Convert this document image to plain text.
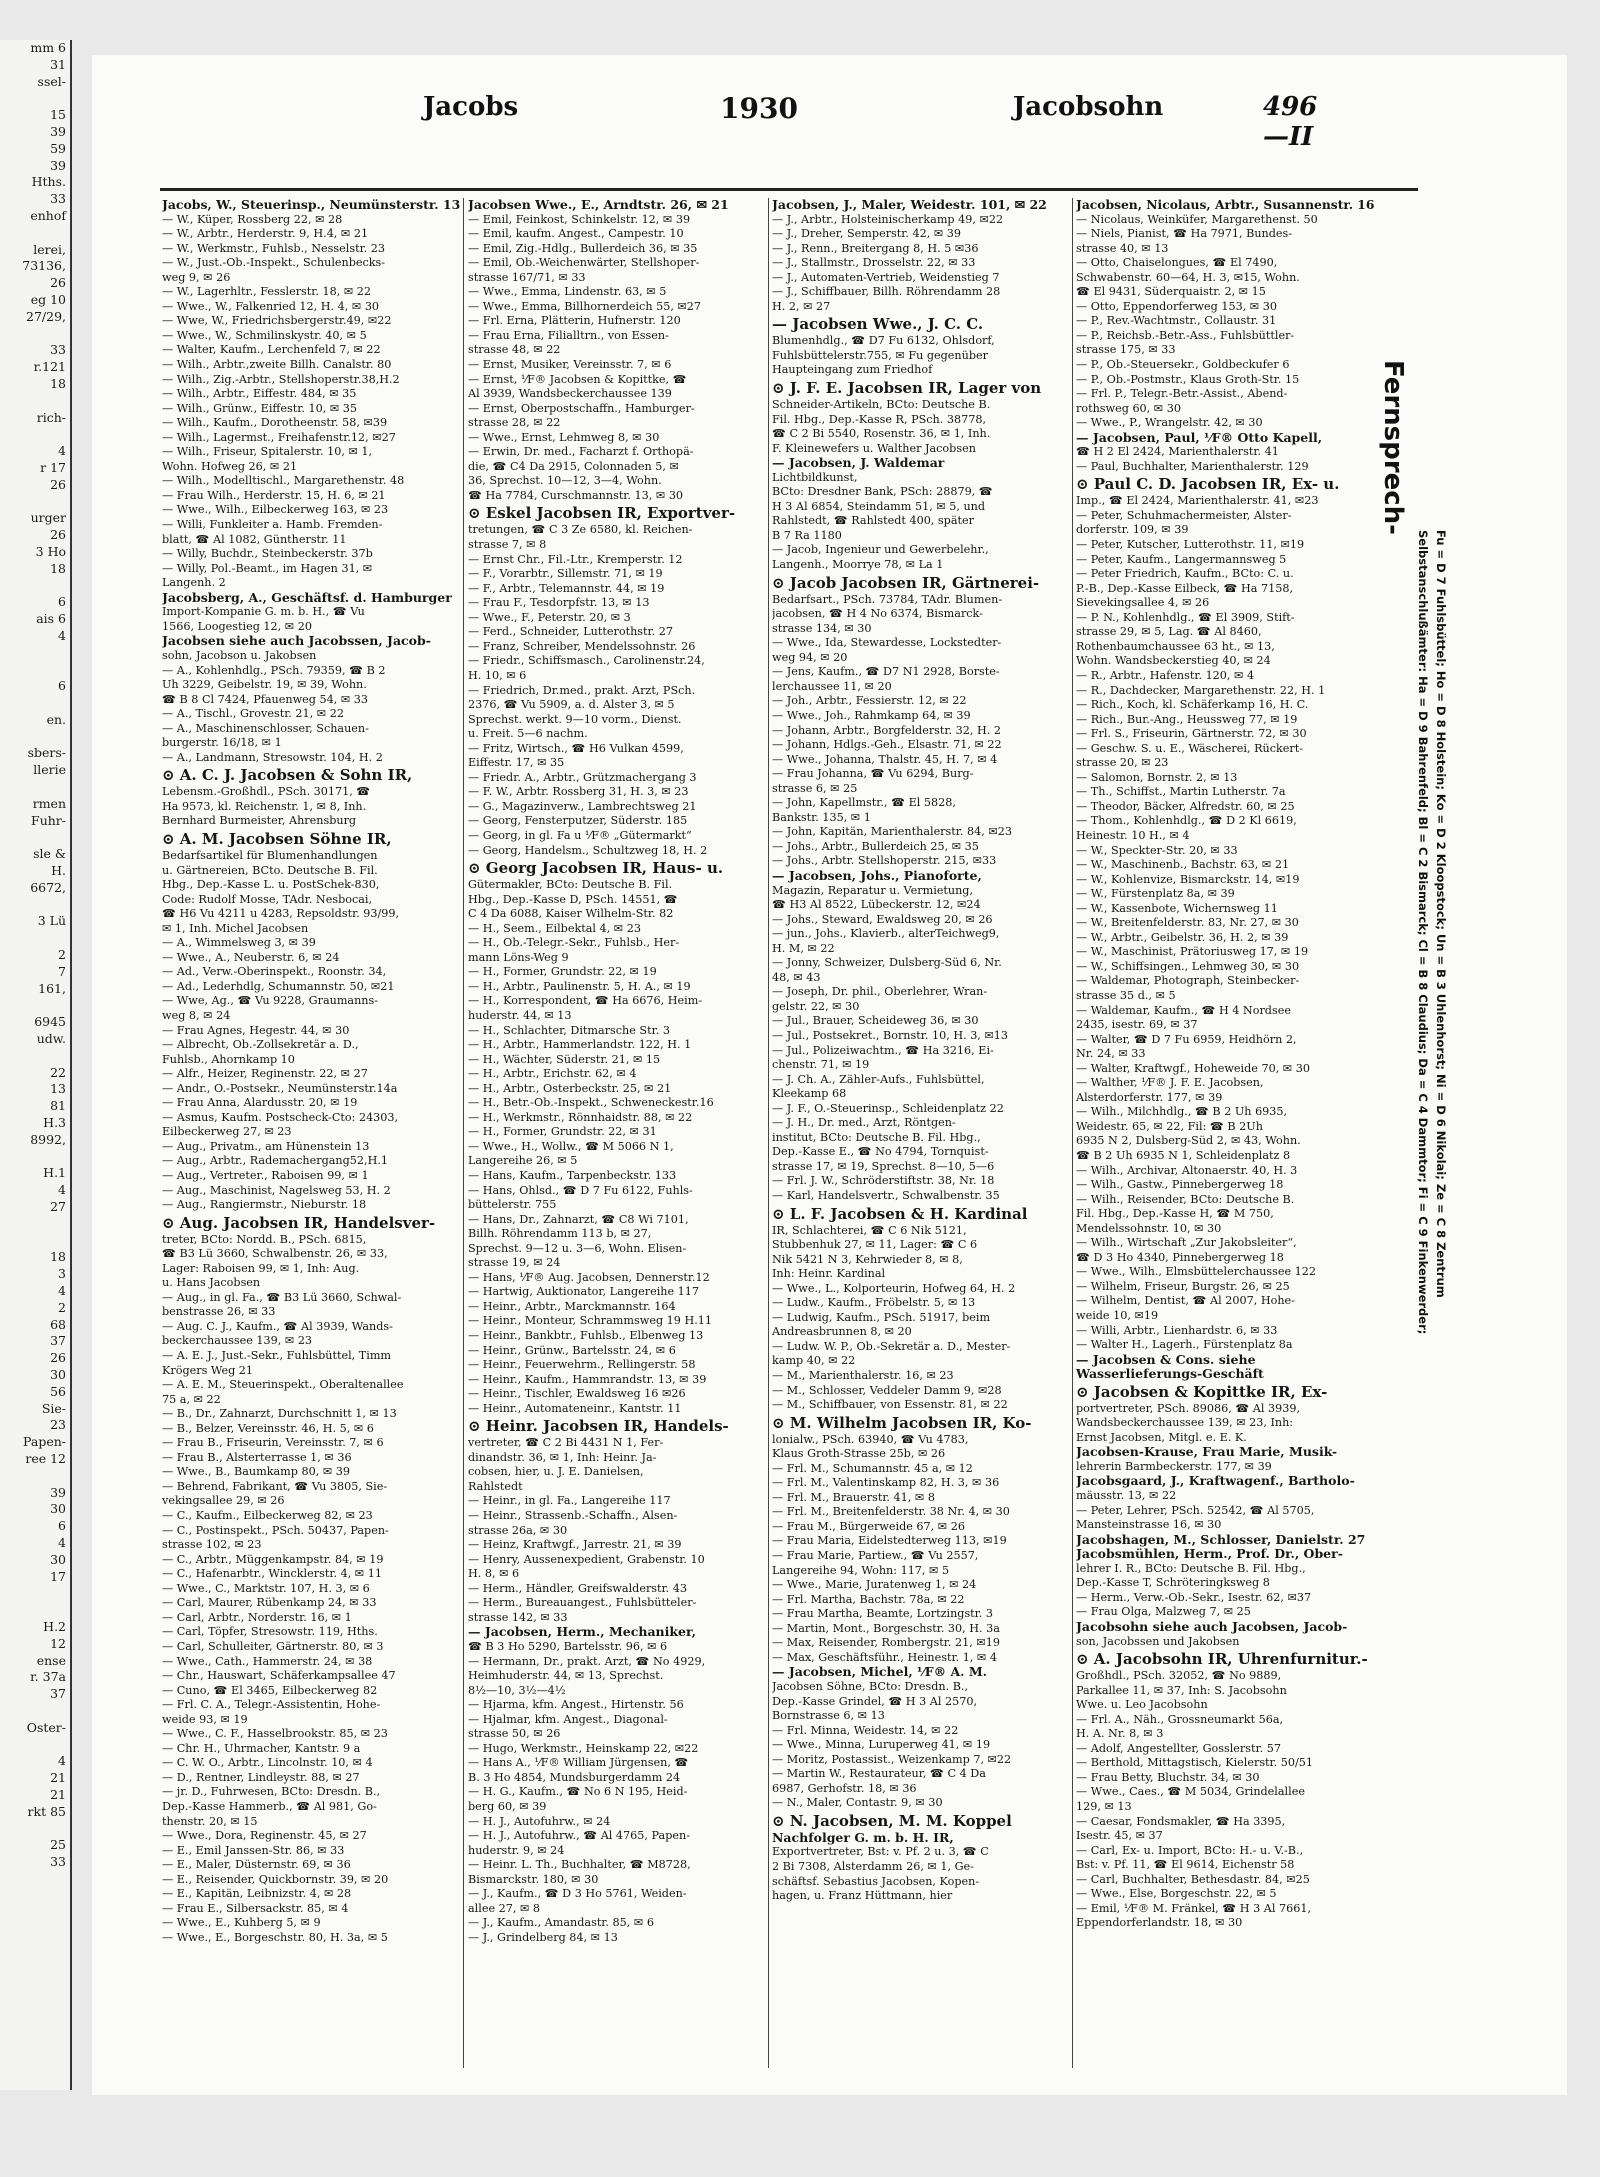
mm 6
31
ssel-

15
39
59
39
Hths.
33
enhof

lerei,
73136,
26
eg 10
27/29,

33
r.121
18

rich-

4
r 17
26

urger
26
3 Ho
18

6
ais 6
4

6

en.

sbers-
llerie

rmen
Fuhr-

sle &
H.
6672,

3 Lü

2
7
161,

6945
udw.

22
13
81
H.3
8992,

H.1
4
27

18
3
4
2
68
37
26
30
56
Sie-
23
Papen-
ree 12

39
30
6
4
30
17

H.2
12
ense
r. 37a
37

Oster-

4
21
21
rkt 85

25
33
Jacobs	1930	Jacobsohn	496—II
Jacobs, W., Steuerinsp., Neumünsterstr. 13
— W., Küper, Rossberg 22, ✉ 28
— W., Arbtr., Herderstr. 9, H.4, ✉ 21
— W., Werkmstr., Fuhlsb., Nesselstr. 23
— W., Just.-Ob.-Inspekt., Schulenbecks-
weg 9, ✉ 26
— W., Lagerhltr., Fesslerstr. 18, ✉ 22
— Wwe., W., Falkenried 12, H. 4, ✉ 30
— Wwe, W., Friedrichsbergerstr.49, ✉22
— Wwe., W., Schmilinskystr. 40, ✉ 5
— Walter, Kaufm., Lerchenfeld 7, ✉ 22
— Wilh., Arbtr.,zweite Billh. Canalstr. 80
— Wilh., Zig.-Arbtr., Stellshoperstr.38,H.2
— Wilh., Arbtr., Eiffestr. 484, ✉ 35
— Wilh., Grünw., Eiffestr. 10, ✉ 35
— Wilh., Kaufm., Dorotheenstr. 58, ✉39
— Wilh., Lagermst., Freihafenstr.12, ✉27
— Wilh., Friseur, Spitalerstr. 10, ✉ 1,
Wohn. Hofweg 26, ✉ 21
— Wilh., Modelltischl., Margarethenstr. 48
— Frau Wilh., Herderstr. 15, H. 6, ✉ 21
— Wwe., Wilh., Eilbeckerweg 163, ✉ 23
— Willi, Funkleiter a. Hamb. Fremden-
blatt, ☎ Al 1082, Güntherstr. 11
— Willy, Buchdr., Steinbeckerstr. 37b
— Willy, Pol.-Beamt., im Hagen 31, ✉
Langenh. 2
Jacobsberg, A., Geschäftsf. d. Hamburger
Import-Kompanie G. m. b. H., ☎ Vu
1566, Loogestieg 12, ✉ 20
Jacobsen siehe auch Jacobssen, Jacob-
sohn, Jacobson u. Jakobsen
— A., Kohlenhdlg., PSch. 79359, ☎ B 2
Uh 3229, Geibelstr. 19, ✉ 39, Wohn.
☎ B 8 Cl 7424, Pfauenweg 54, ✉ 33
— A., Tischl., Grovestr. 21, ✉ 22
— A., Maschinenschlosser, Schauen-
burgerstr. 16/18, ✉ 1
— A., Landmann, Stresowstr. 104, H. 2
⊙ A. C. J. Jacobsen & Sohn IR,
Lebensm.-Großhdl., PSch. 30171, ☎
Ha 9573, kl. Reichenstr. 1, ✉ 8, Inh.
Bernhard Burmeister, Ahrensburg
⊙ A. M. Jacobsen Söhne IR,
Bedarfsartikel für Blumenhandlungen
u. Gärtnereien, BCto. Deutsche B. Fil.
Hbg., Dep.-Kasse L. u. PostSchek-830,
Code: Rudolf Mosse, TAdr. Nesbocai,
☎ H6 Vu 4211 u 4283, Repsoldstr. 93/99,
✉ 1, Inh. Michel Jacobsen
— A., Wimmelsweg 3, ✉ 39
— Wwe., A., Neuberstr. 6, ✉ 24
— Ad., Verw.-Oberinspekt., Roonstr. 34,
— Ad., Lederhdlg, Schumannstr. 50, ✉21
— Wwe, Ag., ☎ Vu 9228, Graumanns-
weg 8, ✉ 24
— Frau Agnes, Hegestr. 44, ✉ 30
— Albrecht, Ob.-Zollsekretär a. D.,
Fuhlsb., Ahornkamp 10
— Alfr., Heizer, Reginenstr. 22, ✉ 27
— Andr., O.-Postsekr., Neumünsterstr.14a
— Frau Anna, Alardusstr. 20, ✉ 19
— Asmus, Kaufm. Postscheck-Cto: 24303,
Eilbeckerweg 27, ✉ 23
— Aug., Privatm., am Hünenstein 13
— Aug., Arbtr., Rademachergang52,H.1
— Aug., Vertreter., Raboisen 99, ✉ 1
— Aug., Maschinist, Nagelsweg 53, H. 2
— Aug., Rangiermstr., Nieburstr. 18
⊙ Aug. Jacobsen IR, Handelsver-
treter, BCto: Nordd. B., PSch. 6815,
☎ B3 Lü 3660, Schwalbenstr. 26, ✉ 33,
Lager: Raboisen 99, ✉ 1, Inh: Aug.
u. Hans Jacobsen
— Aug., in gl. Fa., ☎ B3 Lü 3660, Schwal-
benstrasse 26, ✉ 33
— Aug. C. J., Kaufm., ☎ Al 3939, Wands-
beckerchaussee 139, ✉ 23
— A. E. J., Just.-Sekr., Fuhlsbüttel, Timm
Krögers Weg 21
— A. E. M., Steuerinspekt., Oberaltenallee
75 a, ✉ 22
— B., Dr., Zahnarzt, Durchschnitt 1, ✉ 13
— B., Belzer, Vereinsstr. 46, H. 5, ✉ 6
— Frau B., Friseurin, Vereinsstr. 7, ✉ 6
— Frau B., Alsterterrasse 1, ✉ 36
— Wwe., B., Baumkamp 80, ✉ 39
— Behrend, Fabrikant, ☎ Vu 3805, Sie-
vekingsallee 29, ✉ 26
— C., Kaufm., Eilbeckerweg 82, ✉ 23
— C., Postinspekt., PSch. 50437, Papen-
strasse 102, ✉ 23
— C., Arbtr., Müggenkampstr. 84, ✉ 19
— C., Hafenarbtr., Wincklerstr. 4, ✉ 11
— Wwe., C., Marktstr. 107, H. 3, ✉ 6
— Carl, Maurer, Rübenkamp 24, ✉ 33
— Carl, Arbtr., Norderstr. 16, ✉ 1
— Carl, Töpfer, Stresowstr. 119, Hths.
— Carl, Schulleiter, Gärtnerstr. 80, ✉ 3
— Wwe., Cath., Hammerstr. 24, ✉ 38
— Chr., Hauswart, Schäferkampsallee 47
— Cuno, ☎ El 3465, Eilbeckerweg 82
— Frl. C. A., Telegr.-Assistentin, Hohe-
weide 93, ✉ 19
— Wwe., C. F., Hasselbrookstr. 85, ✉ 23
— Chr. H., Uhrmacher, Kantstr. 9 a
— C. W. O., Arbtr., Lincolnstr. 10, ✉ 4
— D., Rentner, Lindleystr. 88, ✉ 27
— jr. D., Fuhrwesen, BCto: Dresdn. B.,
Dep.-Kasse Hammerb., ☎ Al 981, Go-
thenstr. 20, ✉ 15
— Wwe., Dora, Reginenstr. 45, ✉ 27
— E., Emil Janssen-Str. 86, ✉ 33
— E., Maler, Düsternstr. 69, ✉ 36
— E., Reisender, Quickbornstr. 39, ✉ 20
— E., Kapitän, Leibnizstr. 4, ✉ 28
— Frau E., Silbersackstr. 85, ✉ 4
— Wwe., E., Kuhberg 5, ✉ 9
— Wwe., E., Borgeschstr. 80, H. 3a, ✉ 5
Jacobsen Wwe., E., Arndtstr. 26, ✉ 21
— Emil, Feinkost, Schinkelstr. 12, ✉ 39
— Emil, kaufm. Angest., Campestr. 10
— Emil, Zig.-Hdlg., Bullerdeich 36, ✉ 35
— Emil, Ob.-Weichenwärter, Stellshoper-
strasse 167/71, ✉ 33
— Wwe., Emma, Lindenstr. 63, ✉ 5
— Wwe., Emma, Billhornerdeich 55, ✉27
— Frl. Erna, Plätterin, Hufnerstr. 120
— Frau Erna, Filialltrn., von Essen-
strasse 48, ✉ 22
— Ernst, Musiker, Vereinsstr. 7, ✉ 6
— Ernst, ⅟F® Jacobsen & Kopittke, ☎
Al 3939, Wandsbeckerchaussee 139
— Ernst, Oberpostschaffn., Hamburger-
strasse 28, ✉ 22
— Wwe., Ernst, Lehmweg 8, ✉ 30
— Erwin, Dr. med., Facharzt f. Orthopä-
die, ☎ C4 Da 2915, Colonnaden 5, ✉
36, Sprechst. 10—12, 3—4, Wohn.
☎ Ha 7784, Curschmannstr. 13, ✉ 30
⊙ Eskel Jacobsen IR, Exportver-
tretungen, ☎ C 3 Ze 6580, kl. Reichen-
strasse 7, ✉ 8
— Ernst Chr., Fil.-Ltr., Kremperstr. 12
— F., Vorarbtr., Sillemstr. 71, ✉ 19
— F., Arbtr., Telemannstr. 44, ✉ 19
— Frau F., Tesdorpfstr. 13, ✉ 13
— Wwe., F., Peterstr. 20, ✉ 3
— Ferd., Schneider, Lutterothstr. 27
— Franz, Schreiber, Mendelssohnstr. 26
— Friedr., Schiffsmasch., Carolinenstr.24,
H. 10, ✉ 6
— Friedrich, Dr.med., prakt. Arzt, PSch.
2376, ☎ Vu 5909, a. d. Alster 3, ✉ 5
Sprechst. werkt. 9—10 vorm., Dienst.
u. Freit. 5—6 nachm.
— Fritz, Wirtsch., ☎ H6 Vulkan 4599,
Eiffestr. 17, ✉ 35
— Friedr. A., Arbtr., Grützmachergang 3
— F. W., Arbtr. Rossberg 31, H. 3, ✉ 23
— G., Magazinverw., Lambrechtsweg 21
— Georg, Fensterputzer, Süderstr. 185
— Georg, in gl. Fa u ⅟F® „Gütermarkt“
— Georg, Handelsm., Schultzweg 18, H. 2
⊙ Georg Jacobsen IR, Haus- u.
Gütermakler, BCto: Deutsche B. Fil.
Hbg., Dep.-Kasse D, PSch. 14551, ☎
C 4 Da 6088, Kaiser Wilhelm-Str. 82
— H., Seem., Eilbektal 4, ✉ 23
— H., Ob.-Telegr.-Sekr., Fuhlsb., Her-
mann Löns-Weg 9
— H., Former, Grundstr. 22, ✉ 19
— H., Arbtr., Paulinenstr. 5, H. A., ✉ 19
— H., Korrespondent, ☎ Ha 6676, Heim-
huderstr. 44, ✉ 13
— H., Schlachter, Ditmarsche Str. 3
— H., Arbtr., Hammerlandstr. 122, H. 1
— H., Wächter, Süderstr. 21, ✉ 15
— H., Arbtr., Erichstr. 62, ✉ 4
— H., Arbtr., Osterbeckstr. 25, ✉ 21
— H., Betr.-Ob.-Inspekt., Schweneckestr.16
— H., Werkmstr., Rönnhaidstr. 88, ✉ 22
— H., Former, Grundstr. 22, ✉ 31
— Wwe., H., Wollw., ☎ M 5066 N 1,
Langereihe 26, ✉ 5
— Hans, Kaufm., Tarpenbeckstr. 133
— Hans, Ohlsd., ☎ D 7 Fu 6122, Fuhls-
büttelerstr. 755
— Hans, Dr., Zahnarzt, ☎ C8 Wi 7101,
Billh. Röhrendamm 113 b, ✉ 27,
Sprechst. 9—12 u. 3—6, Wohn. Elisen-
strasse 19, ✉ 24
— Hans, ⅟F® Aug. Jacobsen, Dennerstr.12
— Hartwig, Auktionator, Langereihe 117
— Heinr., Arbtr., Marckmannstr. 164
— Heinr., Monteur, Schrammsweg 19 H.11
— Heinr., Bankbtr., Fuhlsb., Elbenweg 13
— Heinr., Grünw., Bartelsstr. 24, ✉ 6
— Heinr., Feuerwehrm., Rellingerstr. 58
— Heinr., Kaufm., Hammrandstr. 13, ✉ 39
— Heinr., Tischler, Ewaldsweg 16 ✉26
— Heinr., Automateneinr., Kantstr. 11
⊙ Heinr. Jacobsen IR, Handels-
vertreter, ☎ C 2 Bi 4431 N 1, Fer-
dinandstr. 36, ✉ 1, Inh: Heinr. Ja-
cobsen, hier, u. J. E. Danielsen,
Rahlstedt
— Heinr., in gl. Fa., Langereihe 117
— Heinr., Strassenb.-Schaffn., Alsen-
strasse 26a, ✉ 30
— Heinz, Kraftwgf., Jarrestr. 21, ✉ 39
— Henry, Aussenexpedient, Grabenstr. 10
H. 8, ✉ 6
— Herm., Händler, Greifswalderstr. 43
— Herm., Bureauangest., Fuhlsbütteler-
strasse 142, ✉ 33
— Jacobsen, Herm., Mechaniker,
☎ B 3 Ho 5290, Bartelsstr. 96, ✉ 6
— Hermann, Dr., prakt. Arzt, ☎ No 4929,
Heimhuderstr. 44, ✉ 13, Sprechst.
8½—10, 3½—4½
— Hjarma, kfm. Angest., Hirtenstr. 56
— Hjalmar, kfm. Angest., Diagonal-
strasse 50, ✉ 26
— Hugo, Werkmstr., Heinskamp 22, ✉22
— Hans A., ⅟F® William Jürgensen, ☎
B. 3 Ho 4854, Mundsburgerdamm 24
— H. G., Kaufm., ☎ No 6 N 195, Heid-
berg 60, ✉ 39
— H. J., Autofuhrw., ✉ 24
— H. J., Autofuhrw., ☎ Al 4765, Papen-
huderstr. 9, ✉ 24
— Heinr. L. Th., Buchhalter, ☎ M8728,
Bismarckstr. 180, ✉ 30
— J., Kaufm., ☎ D 3 Ho 5761, Weiden-
allee 27, ✉ 8
— J., Kaufm., Amandastr. 85, ✉ 6
— J., Grindelberg 84, ✉ 13
Jacobsen, J., Maler, Weidestr. 101, ✉ 22
— J., Arbtr., Holsteinischerkamp 49, ✉22
— J., Dreher, Semperstr. 42, ✉ 39
— J., Renn., Breitergang 8, H. 5 ✉36
— J., Stallmstr., Drosselstr. 22, ✉ 33
— J., Automaten-Vertrieb, Weidenstieg 7
— J., Schiffbauer, Billh. Röhrendamm 28
H. 2, ✉ 27
— Jacobsen Wwe., J. C. C.
Blumenhdlg., ☎ D7 Fu 6132, Ohlsdorf,
Fuhlsbüttelerstr.755, ✉ Fu gegenüber
Haupteingang zum Friedhof
⊙ J. F. E. Jacobsen IR, Lager von
Schneider-Artikeln, BCto: Deutsche B.
Fil. Hbg., Dep.-Kasse R, PSch. 38778,
☎ C 2 Bi 5540, Rosenstr. 36, ✉ 1, Inh.
F. Kleinewefers u. Walther Jacobsen
— Jacobsen, J. Waldemar
Lichtbildkunst,
BCto: Dresdner Bank, PSch: 28879, ☎
H 3 Al 6854, Steindamm 51, ✉ 5, und
Rahlstedt, ☎ Rahlstedt 400, später
B 7 Ra 1180
— Jacob, Ingenieur und Gewerbelehr.,
Langenh., Moorrye 78, ✉ La 1
⊙ Jacob Jacobsen IR, Gärtnerei-
Bedarfsart., PSch. 73784, TAdr. Blumen-
jacobsen, ☎ H 4 No 6374, Bismarck-
strasse 134, ✉ 30
— Wwe., Ida, Stewardesse, Lockstedter-
weg 94, ✉ 20
— Jens, Kaufm., ☎ D7 N1 2928, Borste-
lerchaussee 11, ✉ 20
— Joh., Arbtr., Fessierstr. 12, ✉ 22
— Wwe., Joh., Rahmkamp 64, ✉ 39
— Johann, Arbtr., Borgfelderstr. 32, H. 2
— Johann, Hdlgs.-Geh., Elsastr. 71, ✉ 22
— Wwe., Johanna, Thalstr. 45, H. 7, ✉ 4
— Frau Johanna, ☎ Vu 6294, Burg-
strasse 6, ✉ 25
— John, Kapellmstr., ☎ El 5828,
Bankstr. 135, ✉ 1
— John, Kapitän, Marienthalerstr. 84, ✉23
— Johs., Arbtr., Bullerdeich 25, ✉ 35
— Johs., Arbtr. Stellshoperstr. 215, ✉33
— Jacobsen, Johs., Pianoforte,
Magazin, Reparatur u. Vermietung,
☎ H3 Al 8522, Lübeckerstr. 12, ✉24
— Johs., Steward, Ewaldsweg 20, ✉ 26
— jun., Johs., Klavierb., alterTeichweg9,
H. M, ✉ 22
— Jonny, Schweizer, Dulsberg-Süd 6, Nr.
48, ✉ 43
— Joseph, Dr. phil., Oberlehrer, Wran-
gelstr. 22, ✉ 30
— Jul., Brauer, Scheideweg 36, ✉ 30
— Jul., Postsekret., Bornstr. 10, H. 3, ✉13
— Jul., Polizeiwachtm., ☎ Ha 3216, Ei-
chenstr. 71, ✉ 19
— J. Ch. A., Zähler-Aufs., Fuhlsbüttel,
Kleekamp 68
— J. F., O.-Steuerinsp., Schleidenplatz 22
— J. H., Dr. med., Arzt, Röntgen-
institut, BCto: Deutsche B. Fil. Hbg.,
Dep.-Kasse E., ☎ No 4794, Tornquist-
strasse 17, ✉ 19, Sprechst. 8—10, 5—6
— Frl. J. W., Schröderstiftstr. 38, Nr. 18
— Karl, Handelsvertr., Schwalbenstr. 35
⊙ L. F. Jacobsen & H. Kardinal
IR, Schlachterei, ☎ C 6 Nik 5121,
Stubbenhuk 27, ✉ 11, Lager: ☎ C 6
Nik 5421 N 3, Kehrwieder 8, ✉ 8,
Inh: Heinr. Kardinal
— Wwe., L., Kolporteurin, Hofweg 64, H. 2
— Ludw., Kaufm., Fröbelstr. 5, ✉ 13
— Ludwig, Kaufm., PSch. 51917, beim
Andreasbrunnen 8, ✉ 20
— Ludw. W. P., Ob.-Sekretär a. D., Mester-
kamp 40, ✉ 22
— M., Marienthalerstr. 16, ✉ 23
— M., Schlosser, Veddeler Damm 9, ✉28
— M., Schiffbauer, von Essenstr. 81, ✉ 22
⊙ M. Wilhelm Jacobsen IR, Ko-
lonialw., PSch. 63940, ☎ Vu 4783,
Klaus Groth-Strasse 25b, ✉ 26
— Frl. M., Schumannstr. 45 a, ✉ 12
— Frl. M., Valentinskamp 82, H. 3, ✉ 36
— Frl. M., Brauerstr. 41, ✉ 8
— Frl. M., Breitenfelderstr. 38 Nr. 4, ✉ 30
— Frau M., Bürgerweide 67, ✉ 26
— Frau Maria, Eidelstedterweg 113, ✉19
— Frau Marie, Partiew., ☎ Vu 2557,
Langereihe 94, Wohn: 117, ✉ 5
— Wwe., Marie, Juratenweg 1, ✉ 24
— Frl. Martha, Bachstr. 78a, ✉ 22
— Frau Martha, Beamte, Lortzingstr. 3
— Martin, Mont., Borgeschstr. 30, H. 3a
— Max, Reisender, Rombergstr. 21, ✉19
— Max, Geschäftsführ., Heinestr. 1, ✉ 4
— Jacobsen, Michel, ⅟F® A. M.
Jacobsen Söhne, BCto: Dresdn. B.,
Dep.-Kasse Grindel, ☎ H 3 Al 2570,
Bornstrasse 6, ✉ 13
— Frl. Minna, Weidestr. 14, ✉ 22
— Wwe., Minna, Luruperweg 41, ✉ 19
— Moritz, Postassist., Weizenkamp 7, ✉22
— Martin W., Restaurateur, ☎ C 4 Da
6987, Gerhofstr. 18, ✉ 36
— N., Maler, Contastr. 9, ✉ 30
⊙ N. Jacobsen, M. M. Koppel
Nachfolger G. m. b. H. IR,
Exportvertreter, Bst: v. Pf. 2 u. 3, ☎ C
2 Bi 7308, Alsterdamm 26, ✉ 1, Ge-
schäftsf. Sebastius Jacobsen, Kopen-
hagen, u. Franz Hüttmann, hier
Jacobsen, Nicolaus, Arbtr., Susannenstr. 16
— Nicolaus, Weinküfer, Margarethenst. 50
— Niels, Pianist, ☎ Ha 7971, Bundes-
strasse 40, ✉ 13
— Otto, Chaiselongues, ☎ El 7490,
Schwabenstr. 60—64, H. 3, ✉15, Wohn.
☎ El 9431, Süderquaistr. 2, ✉ 15
— Otto, Eppendorferweg 153, ✉ 30
— P., Rev.-Wachtmstr., Collaustr. 31
— P., Reichsb.-Betr.-Ass., Fuhlsbüttler-
strasse 175, ✉ 33
— P., Ob.-Steuersekr., Goldbeckufer 6
— P., Ob.-Postmstr., Klaus Groth-Str. 15
— Frl. P., Telegr.-Betr.-Assist., Abend-
rothsweg 60, ✉ 30
— Wwe., P., Wrangelstr. 42, ✉ 30
— Jacobsen, Paul, ⅟F® Otto Kapell,
☎ H 2 El 2424, Marienthalerstr. 41
— Paul, Buchhalter, Marienthalerstr. 129
⊙ Paul C. D. Jacobsen IR, Ex- u.
Imp., ☎ El 2424, Marienthalerstr. 41, ✉23
— Peter, Schuhmachermeister, Alster-
dorferstr. 109, ✉ 39
— Peter, Kutscher, Lutterothstr. 11, ✉19
— Peter, Kaufm., Langermannsweg 5
— Peter Friedrich, Kaufm., BCto: C. u.
P.-B., Dep.-Kasse Eilbeck, ☎ Ha 7158,
Sievekingsallee 4, ✉ 26
— P. N., Kohlenhdlg., ☎ El 3909, Stift-
strasse 29, ✉ 5, Lag. ☎ Al 8460,
Rothenbaumchaussee 63 ht., ✉ 13,
Wohn. Wandsbeckerstieg 40, ✉ 24
— R., Arbtr., Hafenstr. 120, ✉ 4
— R., Dachdecker, Margarethenstr. 22, H. 1
— Rich., Koch, kl. Schäferkamp 16, H. C.
— Rich., Bur.-Ang., Heussweg 77, ✉ 19
— Frl. S., Friseurin, Gärtnerstr. 72, ✉ 30
— Geschw. S. u. E., Wäscherei, Rückert-
strasse 20, ✉ 23
— Salomon, Bornstr. 2, ✉ 13
— Th., Schiffst., Martin Lutherstr. 7a
— Theodor, Bäcker, Alfredstr. 60, ✉ 25
— Thom., Kohlenhdlg., ☎ D 2 Kl 6619,
Heinestr. 10 H., ✉ 4
— W., Speckter-Str. 20, ✉ 33
— W., Maschinenb., Bachstr. 63, ✉ 21
— W., Kohlenvize, Bismarckstr. 14, ✉19
— W., Fürstenplatz 8a, ✉ 39
— W., Kassenbote, Wichernsweg 11
— W., Breitenfelderstr. 83, Nr. 27, ✉ 30
— W., Arbtr., Geibelstr. 36, H. 2, ✉ 39
— W., Maschinist, Prätoriusweg 17, ✉ 19
— W., Schiffsingen., Lehmweg 30, ✉ 30
— Waldemar, Photograph, Steinbecker-
strasse 35 d., ✉ 5
— Waldemar, Kaufm., ☎ H 4 Nordsee
2435, isestr. 69, ✉ 37
— Walter, ☎ D 7 Fu 6959, Heidhörn 2,
Nr. 24, ✉ 33
— Walter, Kraftwgf., Hoheweide 70, ✉ 30
— Walther, ⅟F® J. F. E. Jacobsen,
Alsterdorferstr. 177, ✉ 39
— Wilh., Milchhdlg., ☎ B 2 Uh 6935,
Weidestr. 65, ✉ 22, Fil: ☎ B 2Uh
6935 N 2, Dulsberg-Süd 2, ✉ 43, Wohn.
☎ B 2 Uh 6935 N 1, Schleidenplatz 8
— Wilh., Archivar, Altonaerstr. 40, H. 3
— Wilh., Gastw., Pinnebergerweg 18
— Wilh., Reisender, BCto: Deutsche B.
Fil. Hbg., Dep.-Kasse H, ☎ M 750,
Mendelssohnstr. 10, ✉ 30
— Wilh., Wirtschaft „Zur Jakobsleiter“,
☎ D 3 Ho 4340, Pinnebergerweg 18
— Wwe., Wilh., Elmsbüttelerchaussee 122
— Wilhelm, Friseur, Burgstr. 26, ✉ 25
— Wilhelm, Dentist, ☎ Al 2007, Hohe-
weide 10, ✉19
— Willi, Arbtr., Lienhardstr. 6, ✉ 33
— Walter H., Lagerh., Fürstenplatz 8a
— Jacobsen & Cons. siehe
Wasserlieferungs-Geschäft
⊙ Jacobsen & Kopittke IR, Ex-
portvertreter, PSch. 89086, ☎ Al 3939,
Wandsbeckerchaussee 139, ✉ 23, Inh:
Ernst Jacobsen, Mitgl. e. E. K.
Jacobsen-Krause, Frau Marie, Musik-
lehrerin Barmbeckerstr. 177, ✉ 39
Jacobsgaard, J., Kraftwagenf., Bartholo-
mäusstr. 13, ✉ 22
— Peter, Lehrer, PSch. 52542, ☎ Al 5705,
Mansteinstrasse 16, ✉ 30
Jacobshagen, M., Schlosser, Danielstr. 27
Jacobsmühlen, Herm., Prof. Dr., Ober-
lehrer I. R., BCto: Deutsche B. Fil. Hbg.,
Dep.-Kasse T, Schröteringksweg 8
— Herm., Verw.-Ob.-Sekr., Isestr. 62, ✉37
— Frau Olga, Malzweg 7, ✉ 25
Jacobsohn siehe auch Jacobsen, Jacob-
son, Jacobssen und Jakobsen
⊙ A. Jacobsohn IR, Uhrenfurnitur.-
Großhdl., PSch. 32052, ☎ No 9889,
Parkallee 11, ✉ 37, Inh: S. Jacobsohn
Wwe. u. Leo Jacobsohn
— Frl. A., Näh., Grossneumarkt 56a,
H. A. Nr. 8, ✉ 3
— Adolf, Angestellter, Gosslerstr. 57
— Berthold, Mittagstisch, Kielerstr. 50/51
— Frau Betty, Bluchstr. 34, ✉ 30
— Wwe., Caes., ☎ M 5034, Grindelallee
129, ✉ 13
— Caesar, Fondsmakler, ☎ Ha 3395,
Isestr. 45, ✉ 37
— Carl, Ex- u. Import, BCto: H.- u. V.-B.,
Bst: v. Pf. 11, ☎ El 9614, Eichenstr 58
— Carl, Buchhalter, Bethesdastr. 84, ✉25
— Wwe., Else, Borgeschstr. 22, ✉ 5
— Emil, ⅟F® M. Fränkel, ☎ H 3 Al 7661,
Eppendorferlandstr. 18, ✉ 30
Fernsprech-
Selbstanschlußämter: Ha = D 9 Bahrenfeld; Bl = C 2 Bismarck; Cl = B 8 Claudius; Da = C 4 Dammtor; Fi = C 9 Finkenwerder; Fu = D 7 Fuhlsbüttel; Ho = D 8 Holstein; Ko = D 2 Kloopstock; Un = B 3 Uhlenhorst; Ni = D 6 Nikolai; Ze = C 8 Zentrum
